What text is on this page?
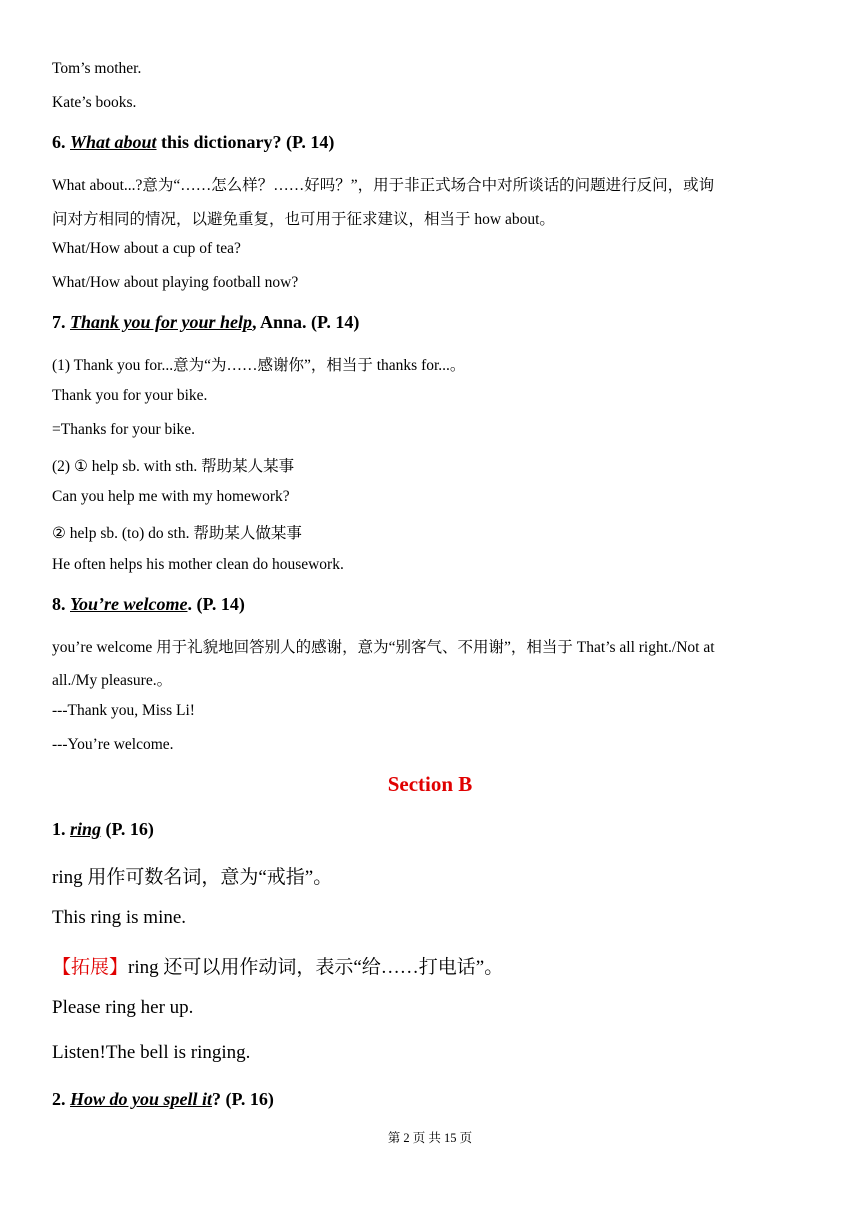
Tom’s mother.
Kate’s books.
6. What about this dictionary? (P. 14)
What about...?意为“……怎么样？……好吗？”，用于非正式场合中对所谈话的问题进行反问，或询
问对方相同的情况，以避免重复，也可用于征求建议，相当于 how about。
What/How about a cup of tea?
What/How about playing football now?
7. Thank you for your help, Anna. (P. 14)
(1) Thank you for...意为“为……感谢你”，相当于 thanks for...。
Thank you for your bike.
=Thanks for your bike.
(2) ① help sb. with sth. 帮助某人某事
Can you help me with my homework?
② help sb. (to) do sth. 帮助某人做某事
He often helps his mother clean do housework.
8. You’re welcome. (P. 14)
you’re welcome 用于礼貌地回答别人的感谢，意为“别客气、不用谢”，相当于 That’s all right./Not at
all./My pleasure.。
---Thank you, Miss Li!
---You’re welcome.
Section B
1. ring (P. 16)
ring 用作可数名词，意为“戒指”。
This ring is mine.
【拓展】ring 还可以用作动词，表示“给……打电话”。
Please ring her up.
Listen!The bell is ringing.
2. How do you spell it? (P. 16)
第 2 页 共 15 页
